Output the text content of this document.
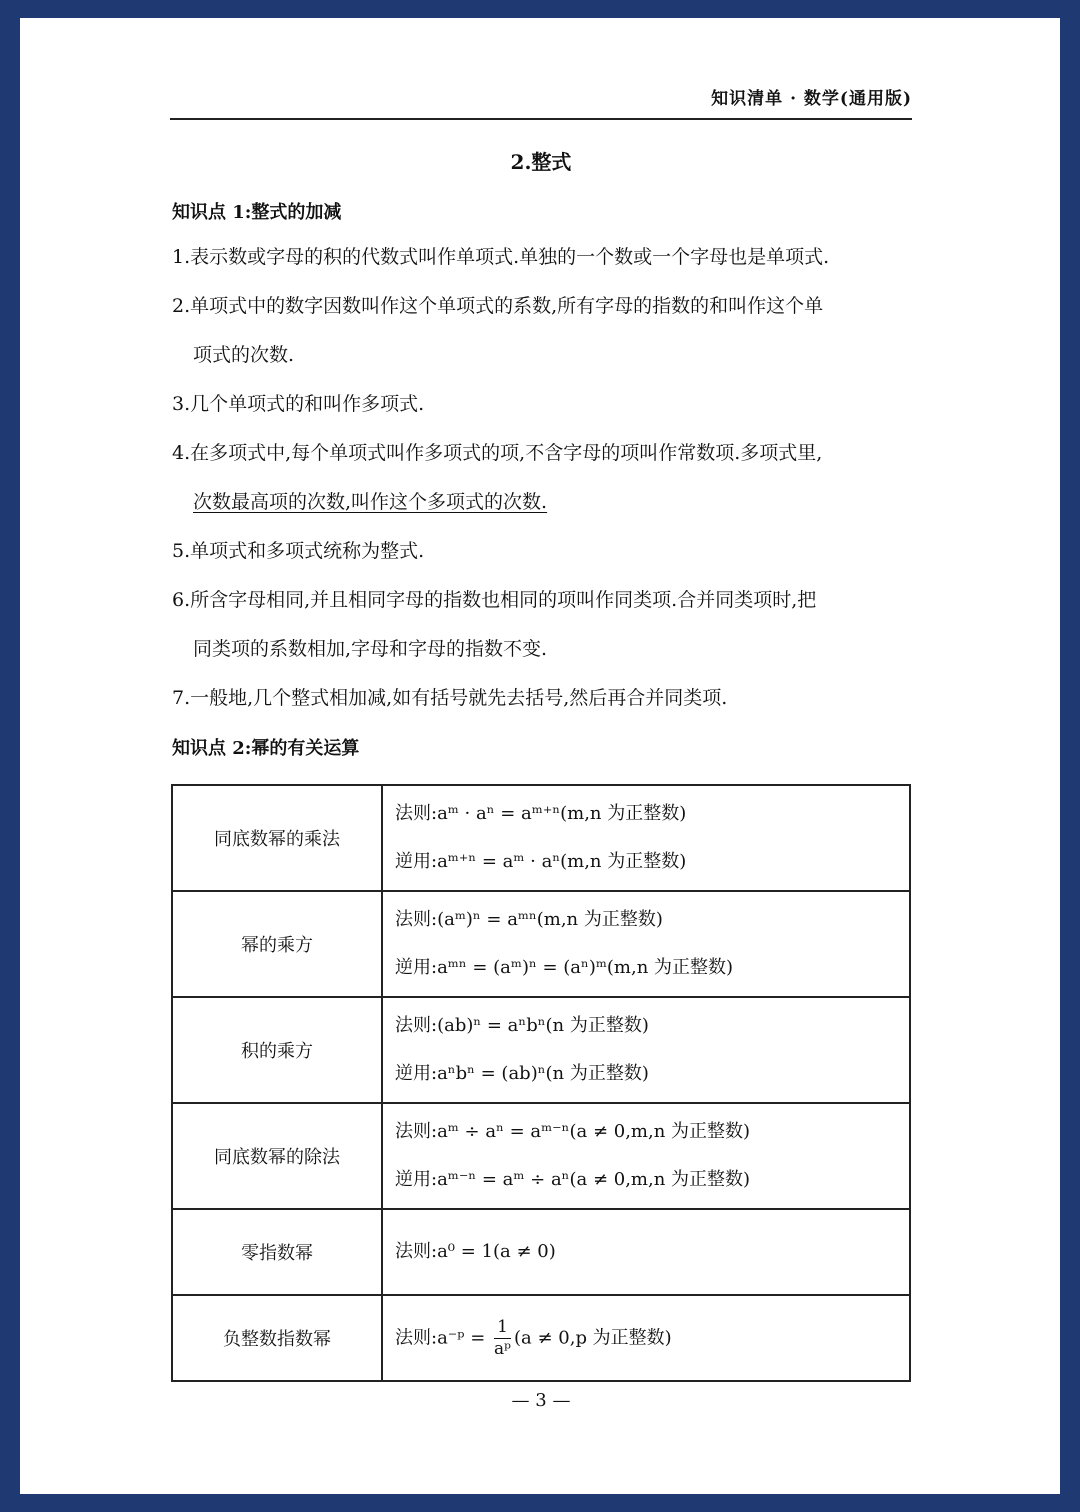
知识清单 · 数学(通用版)
2.整式
知识点 1:整式的加减
1.表示数或字母的积的代数式叫作单项式.单独的一个数或一个字母也是单项式.
2.单项式中的数字因数叫作这个单项式的系数,所有字母的指数的和叫作这个单
项式的次数.
3.几个单项式的和叫作多项式.
4.在多项式中,每个单项式叫作多项式的项,不含字母的项叫作常数项.多项式里,
次数最高项的次数,叫作这个多项式的次数.
5.单项式和多项式统称为整式.
6.所含字母相同,并且相同字母的指数也相同的项叫作同类项.合并同类项时,把
同类项的系数相加,字母和字母的指数不变.
7.一般地,几个整式相加减,如有括号就先去括号,然后再合并同类项.
知识点 2:幂的有关运算
同底数幂的乘法	法则:aᵐ · aⁿ = aᵐ⁺ⁿ(m,n 为正整数)
逆用:aᵐ⁺ⁿ = aᵐ · aⁿ(m,n 为正整数)

幂的乘方	法则:(aᵐ)ⁿ = aᵐⁿ(m,n 为正整数)
逆用:aᵐⁿ = (aᵐ)ⁿ = (aⁿ)ᵐ(m,n 为正整数)

积的乘方	法则:(ab)ⁿ = aⁿbⁿ(n 为正整数)
逆用:aⁿbⁿ = (ab)ⁿ(n 为正整数)

同底数幂的除法	法则:aᵐ ÷ aⁿ = aᵐ⁻ⁿ(a ≠ 0,m,n 为正整数)
逆用:aᵐ⁻ⁿ = aᵐ ÷ aⁿ(a ≠ 0,m,n 为正整数)

零指数幂	法则:a⁰ = 1(a ≠ 0)

负整数指数幂	法则:a⁻ᵖ = $\frac{1}{\text{aᵖ}} (a \ne 0,p$ 为正整数)
— 3 —
